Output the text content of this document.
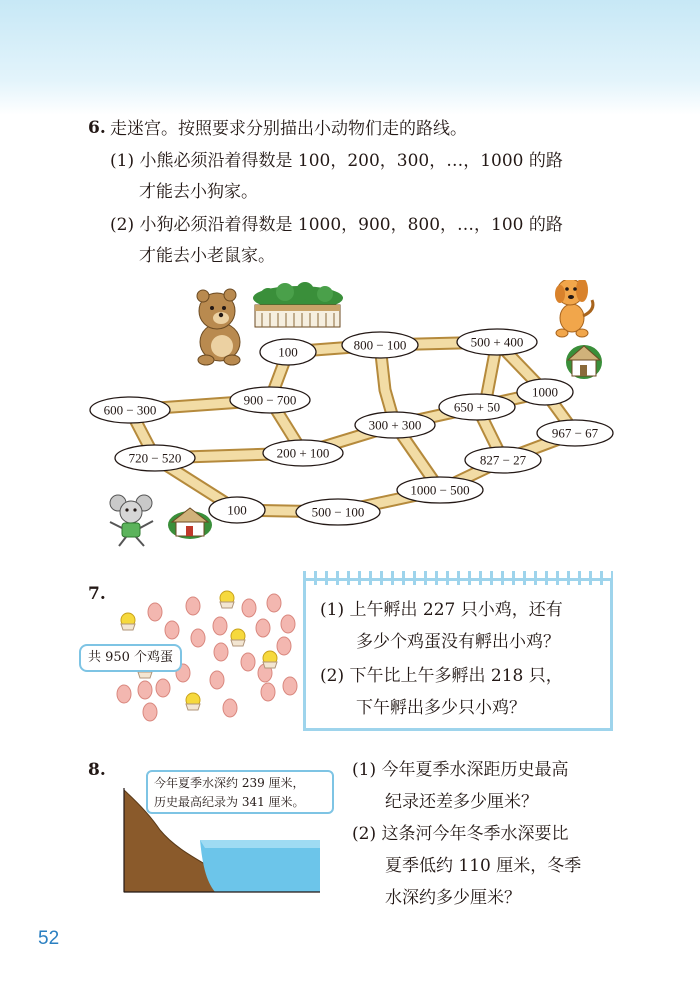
6. 走迷宫。按照要求分别描出小动物们走的路线。
(1) 小熊必须沿着得数是 100，200，300，…，1000 的路
才能去小狗家。
(2) 小狗必须沿着得数是 1000，900，800，…，100 的路
才能去小老鼠家。
100	800 − 100	500 + 400
1000
900 − 700
600 − 300	650 + 50
967 − 67
300 + 300
720 − 520	200 + 100	827 − 27
1000 − 500
100	500 − 100
7.
共 950 个鸡蛋
(1) 上午孵出 227 只小鸡，还有
多少个鸡蛋没有孵出小鸡？
(2) 下午比上午多孵出 218 只，
下午孵出多少只小鸡？
8.
今年夏季水深约 239 厘米，
历史最高纪录为 341 厘米。
(1) 今年夏季水深距历史最高
纪录还差多少厘米？
(2) 这条河今年冬季水深要比
夏季低约 110 厘米，冬季
水深约多少厘米？
52
